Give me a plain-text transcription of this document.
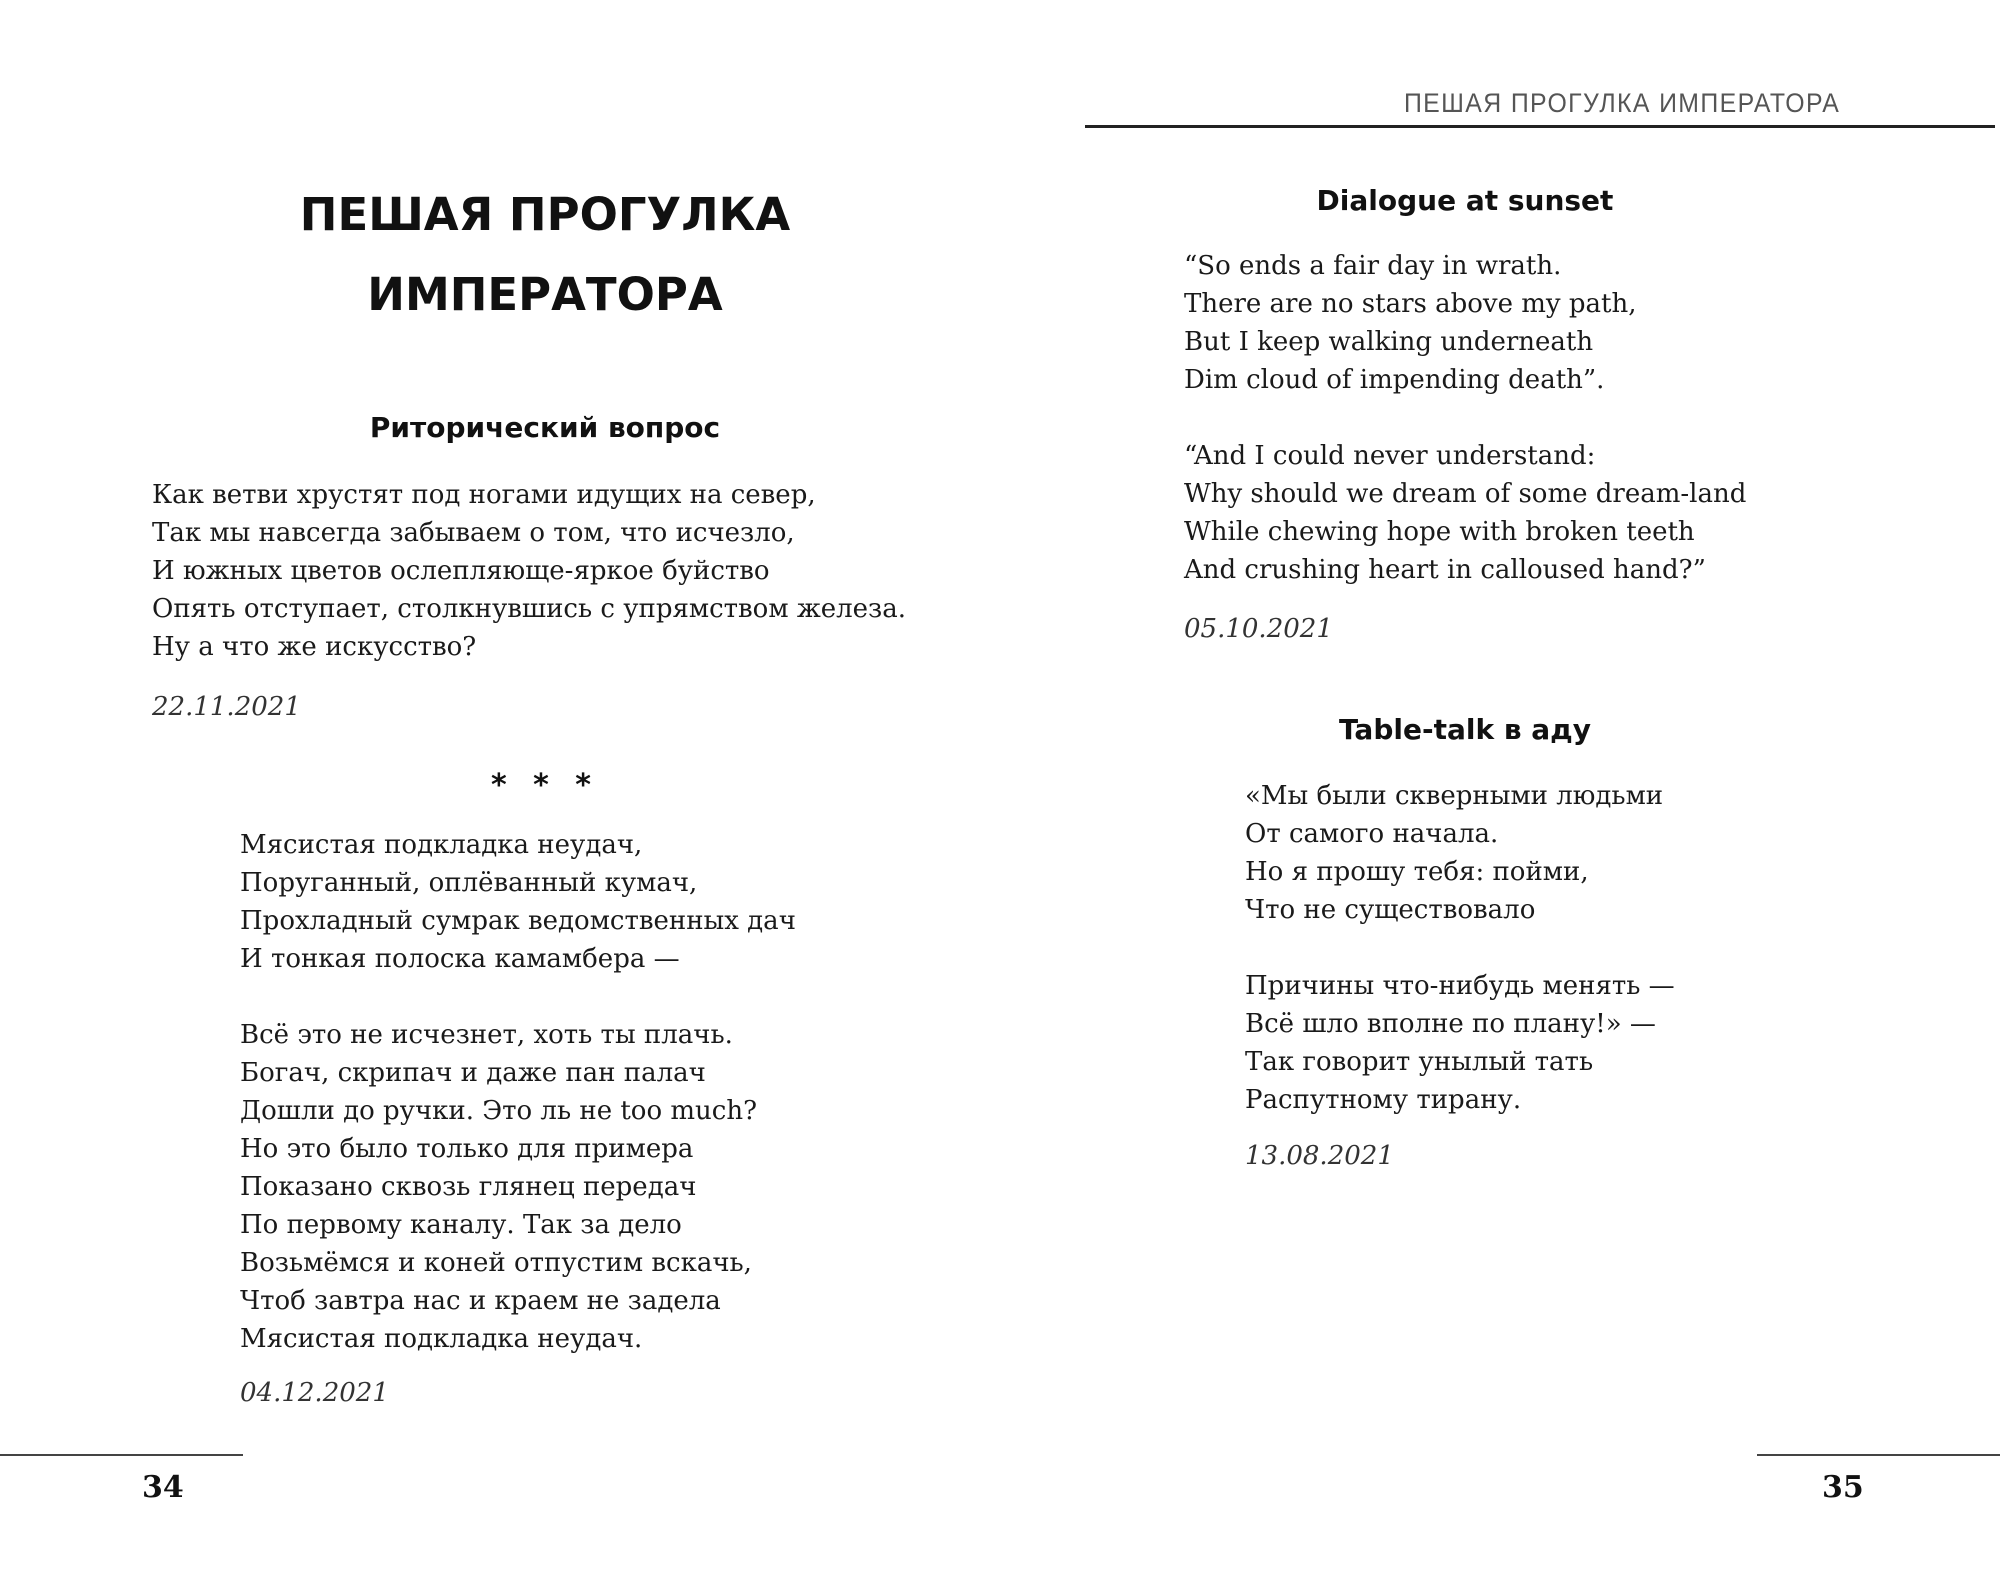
ПЕШАЯ ПРОГУЛКА
ИМПЕРАТОРА
Риторический вопрос
Как ветви хрустят под ногами идущих на север,
Так мы навсегда забываем о том, что исчезло,
И южных цветов ослепляюще-яркое буйство
Опять отступает, столкнувшись с упрямством железа.
Ну а что же искусство?
22.11.2021
* * *
Мясистая подкладка неудач,
Поруганный, оплёванный кумач,
Прохладный сумрак ведомственных дач
И тонкая полоска камамбера —
Всё это не исчезнет, хоть ты плачь.
Богач, скрипач и даже пан палач
Дошли до ручки. Это ль не too much?
Но это было только для примера
Показано сквозь глянец передач
По первому каналу. Так за дело
Возьмёмся и коней отпустим вскачь,
Чтоб завтра нас и краем не задела
Мясистая подкладка неудач.
04.12.2021
34
ПЕШАЯ ПРОГУЛКА ИМПЕРАТОРА
Dialogue at sunset
“So ends a fair day in wrath.
There are no stars above my path,
But I keep walking underneath
Dim cloud of impending death”.
“And I could never understand:
Why should we dream of some dream-land
While chewing hope with broken teeth
And crushing heart in calloused hand?”
05.10.2021
Table-talk в аду
«Мы были скверными людьми
От самого начала.
Но я прошу тебя: пойми,
Что не существовало
Причины что-нибудь менять —
Всё шло вполне по плану!» —
Так говорит унылый тать
Распутному тирану.
13.08.2021
35
